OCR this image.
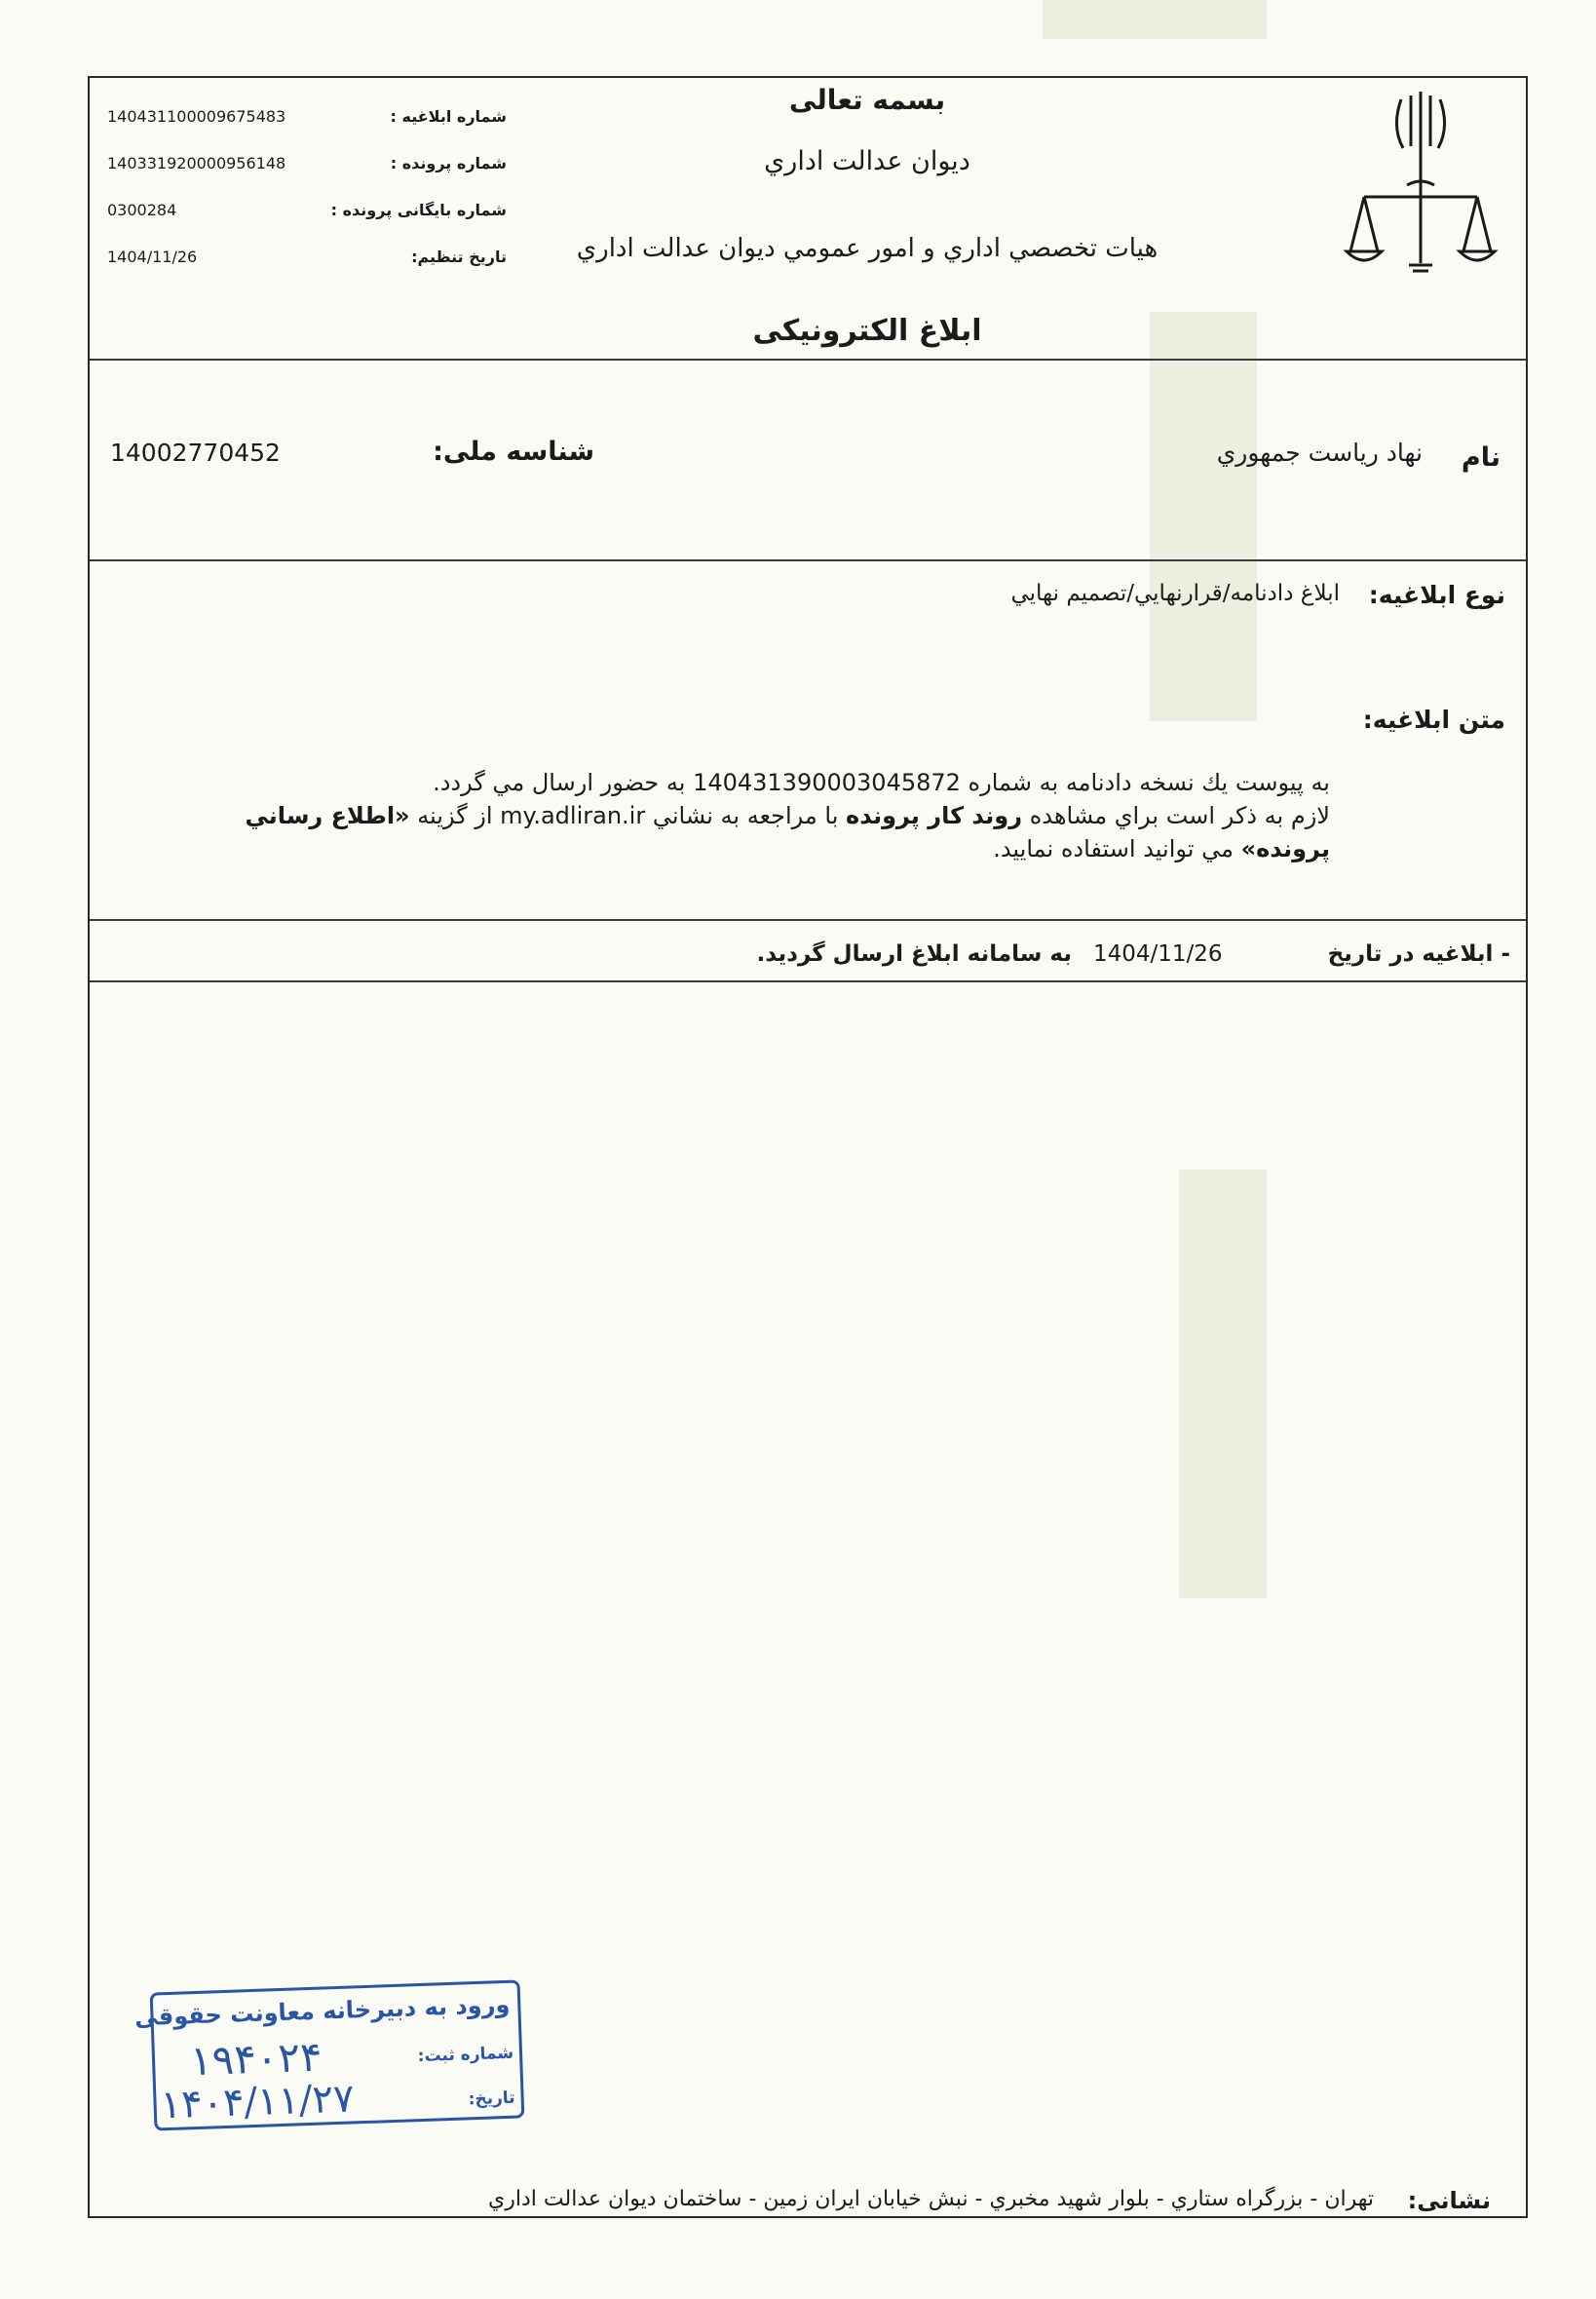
بسمه تعالی
ديوان عدالت اداري
هيات تخصصي اداري و امور عمومي ديوان عدالت اداري
ابلاغ الکترونیکی
شماره ابلاغیه :
140431100009675483
شماره پرونده :
140331920000956148
شماره بایگانی پرونده :
0300284
تاریخ تنظیم:
1404/11/26
نام
نهاد رياست جمهوري
شناسه ملی:
14002770452
نوع ابلاغیه:
ابلاغ دادنامه/قرارنهايي/تصميم نهايي
متن ابلاغیه:
به پيوست يك نسخه دادنامه به شماره 140431390003045872 به حضور ارسال مي گردد.
لازم به ذكر است براي مشاهده روند كار پرونده با مراجعه به نشاني my.adliran.ir از گزينه «اطلاع رساني
پرونده» مي توانيد استفاده نماييد.
- ابلاغیه در تاریخ
1404/11/26
به سامانه ابلاغ ارسال گردید.
ورود به دبیرخانه معاونت حقوقی
شماره ثبت:
۱۹۴۰۲۴
تاریخ:
۱۴۰۴/۱۱/۲۷
نشانی:
تهران - بزرگراه ستاري - بلوار شهيد مخبري - نبش خيابان ايران زمين - ساختمان ديوان عدالت اداري
